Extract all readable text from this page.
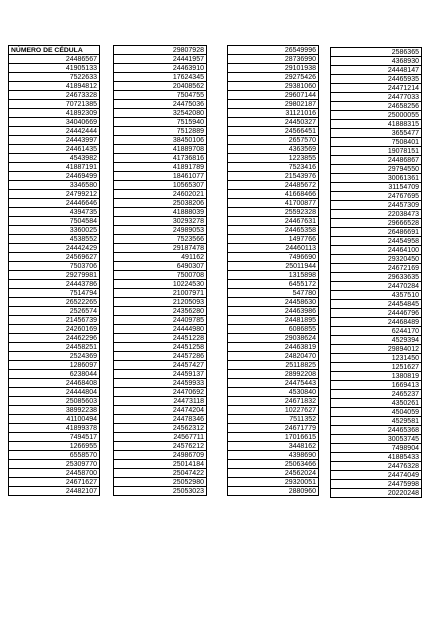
NÚMERO DE CÉDULA
24486567
41905133
7522633
41894812
24673328
70721385
41892309
34040669
24442444
24443997
24461435
4543982
41887191
24469499
3346580
24799212
24446646
4394735
7504584
3360025
4538552
24442429
24569627
7503706
29279981
24443786
7514794
26522265
2526574
21456739
24260169
24462296
24458251
2524369
1286097
6238044
24468408
24444804
25085603
38992238
41100494
41899378
7494517
1266955
6558570
25309770
24458700
24671627
24482107
29807928
24441957
24463910
17624345
20408562
7504755
24475036
32542080
7515940
7512889
38450106
41889708
41736816
41891789
18461077
10565307
24602021
25038206
41888039
30293278
24989053
7523566
29187478
491162
6490307
7500708
10224530
21007971
21205093
24356280
24409785
24444980
24451228
24451258
24457286
24457427
24459137
24459933
24470692
24473118
24474204
24478346
24562312
24567711
24576212
24986709
25014184
25047422
25052980
25053023
26549996
28736990
29101938
29275426
29381060
29607144
29802187
31121016
24450327
24566451
2657570
4363569
1223855
7523416
21543976
24485672
41668466
41700877
25592328
24467631
24465358
1497766
24460113
7496690
25011944
1315898
6455172
547780
24458630
24463986
24481895
6086855
29038624
24463819
24820470
25118825
28992208
24475443
4530840
24671832
10227627
7511352
24671779
17016615
3448162
4398690
25063466
24562024
29320051
2880960
2586365
4368930
24448147
24465935
24471214
24477033
24658256
25000055
41888315
3655477
7508401
19078151
24486867
29794550
30061361
31154709
24767695
24457309
22038473
29666528
26486691
24454958
24464100
29320450
24672169
29633635
24470284
4357510
24454845
24446796
24468489
6244170
4529394
29894012
1231450
1251627
1380819
1669413
2465237
4350261
4504059
4529581
24465368
30053745
7498904
41885433
24476328
24474049
24475998
20220248
